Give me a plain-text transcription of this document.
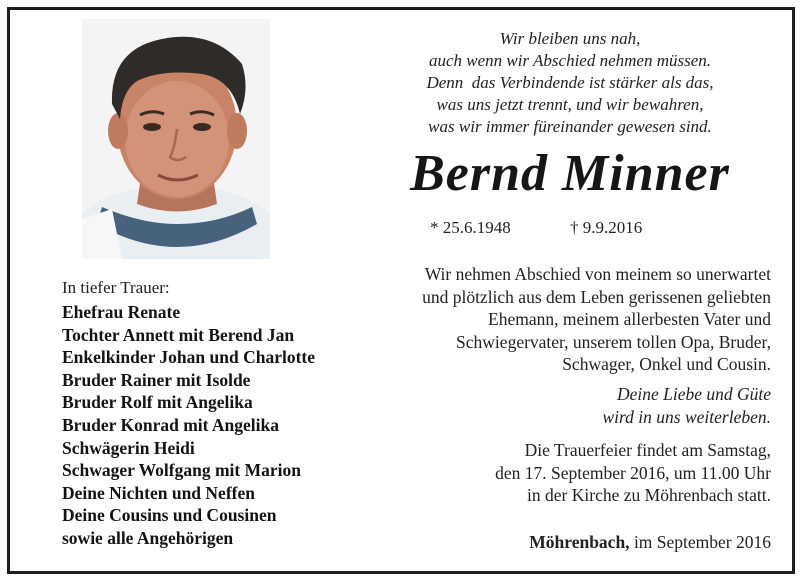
Wir bleiben uns nah,
auch wenn wir Abschied nehmen müssen.
Denn  das Verbindende ist stärker als das,
was uns jetzt trennt, und wir bewahren,
was wir immer füreinander gewesen sind.
Bernd Minner
* 25.6.1948	† 9.9.2016
In tiefer Trauer:
Ehefrau Renate
Tochter Annett mit Berend Jan
Enkelkinder Johan und Charlotte
Bruder Rainer mit Isolde
Bruder Rolf mit Angelika
Bruder Konrad mit Angelika
Schwägerin Heidi
Schwager Wolfgang mit Marion
Deine Nichten und Neffen
Deine Cousins und Cousinen
sowie alle Angehörigen
Wir nehmen Abschied von meinem so unerwartet
und plötzlich aus dem Leben gerissenen geliebten
Ehemann, meinem allerbesten Vater und
Schwiegervater, unserem tollen Opa, Bruder,
Schwager, Onkel und Cousin.
Deine Liebe und Güte
wird in uns weiterleben.
Die Trauerfeier findet am Samstag,
den 17. September 2016, um 11.00 Uhr
in der Kirche zu Möhrenbach statt.
Möhrenbach, im September 2016
